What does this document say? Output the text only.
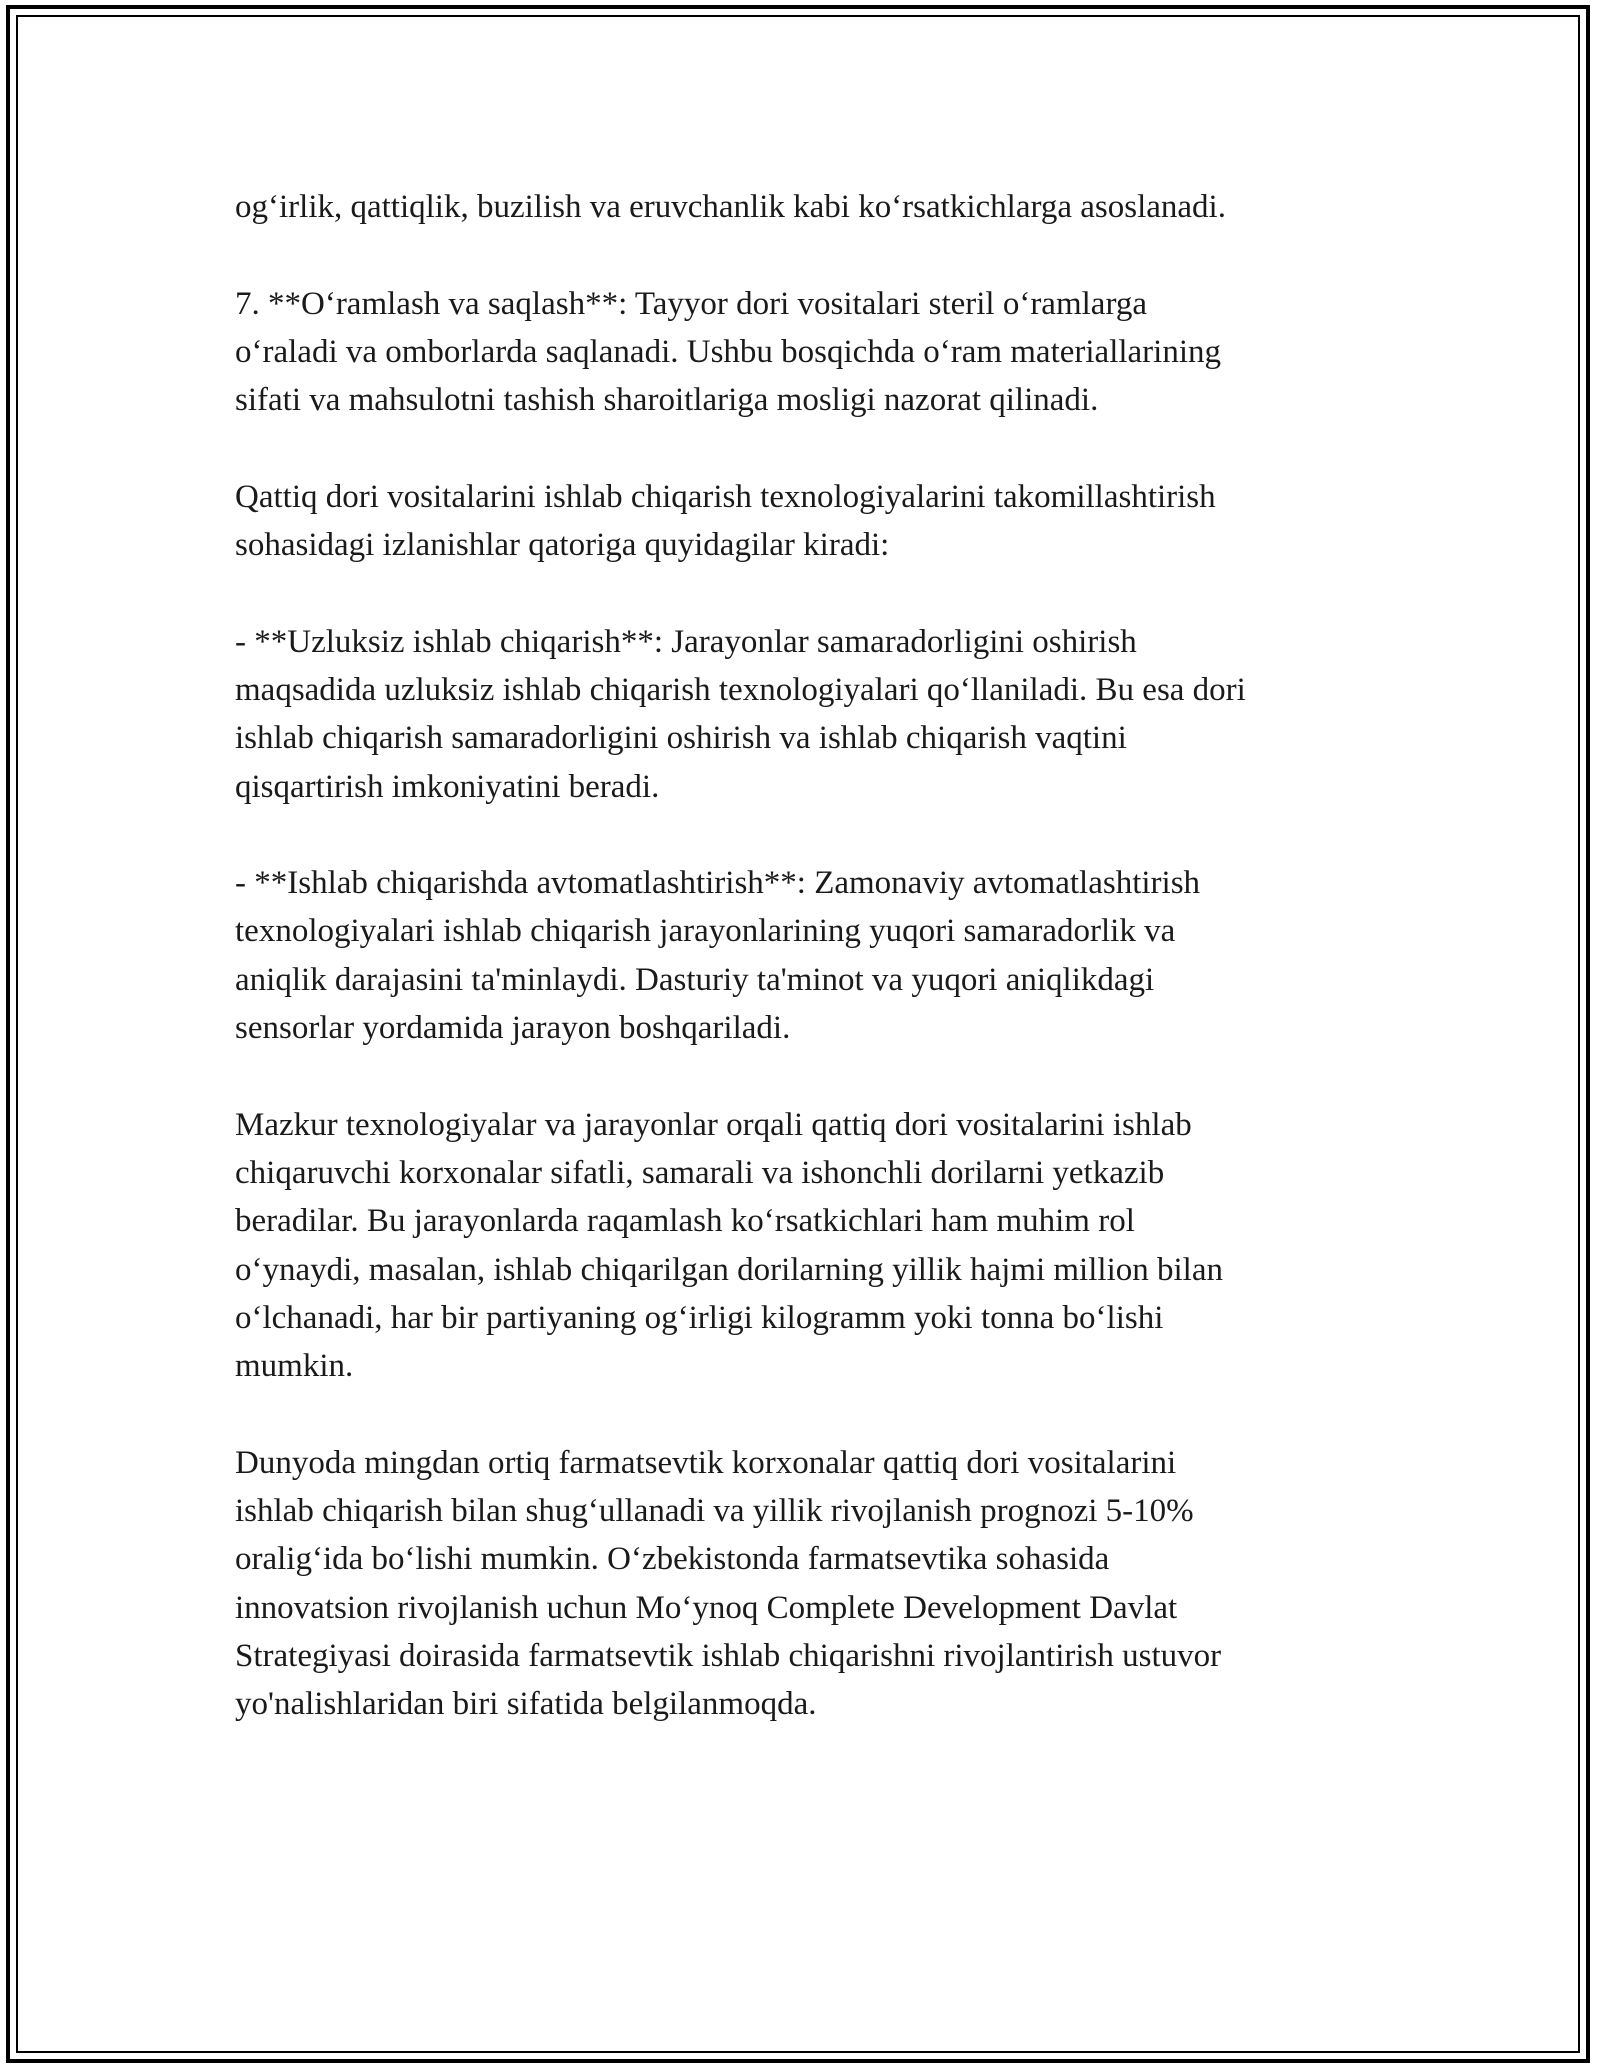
og‘irlik, qattiqlik, buzilish va eruvchanlik kabi ko‘rsatkichlarga asoslanadi.

7. **O‘ramlash va saqlash**: Tayyor dori vositalari steril o‘ramlarga
o‘raladi va omborlarda saqlanadi. Ushbu bosqichda o‘ram materiallarining
sifati va mahsulotni tashish sharoitlariga mosligi nazorat qilinadi.

Qattiq dori vositalarini ishlab chiqarish texnologiyalarini takomillashtirish
sohasidagi izlanishlar qatoriga quyidagilar kiradi:

- **Uzluksiz ishlab chiqarish**: Jarayonlar samaradorligini oshirish
maqsadida uzluksiz ishlab chiqarish texnologiyalari qo‘llaniladi. Bu esa dori
ishlab chiqarish samaradorligini oshirish va ishlab chiqarish vaqtini
qisqartirish imkoniyatini beradi.

- **Ishlab chiqarishda avtomatlashtirish**: Zamonaviy avtomatlashtirish
texnologiyalari ishlab chiqarish jarayonlarining yuqori samaradorlik va
aniqlik darajasini ta'minlaydi. Dasturiy ta'minot va yuqori aniqlikdagi
sensorlar yordamida jarayon boshqariladi.

Mazkur texnologiyalar va jarayonlar orqali qattiq dori vositalarini ishlab
chiqaruvchi korxonalar sifatli, samarali va ishonchli dorilarni yetkazib
beradilar. Bu jarayonlarda raqamlash ko‘rsatkichlari ham muhim rol
o‘ynaydi, masalan, ishlab chiqarilgan dorilarning yillik hajmi million bilan
o‘lchanadi, har bir partiyaning og‘irligi kilogramm yoki tonna bo‘lishi
mumkin.

Dunyoda mingdan ortiq farmatsevtik korxonalar qattiq dori vositalarini
ishlab chiqarish bilan shug‘ullanadi va yillik rivojlanish prognozi 5-10%
oralig‘ida bo‘lishi mumkin. O‘zbekistonda farmatsevtika sohasida
innovatsion rivojlanish uchun Mo‘ynoq Complete Development Davlat
Strategiyasi doirasida farmatsevtik ishlab chiqarishni rivojlantirish ustuvor
yo'nalishlaridan biri sifatida belgilanmoqda.
